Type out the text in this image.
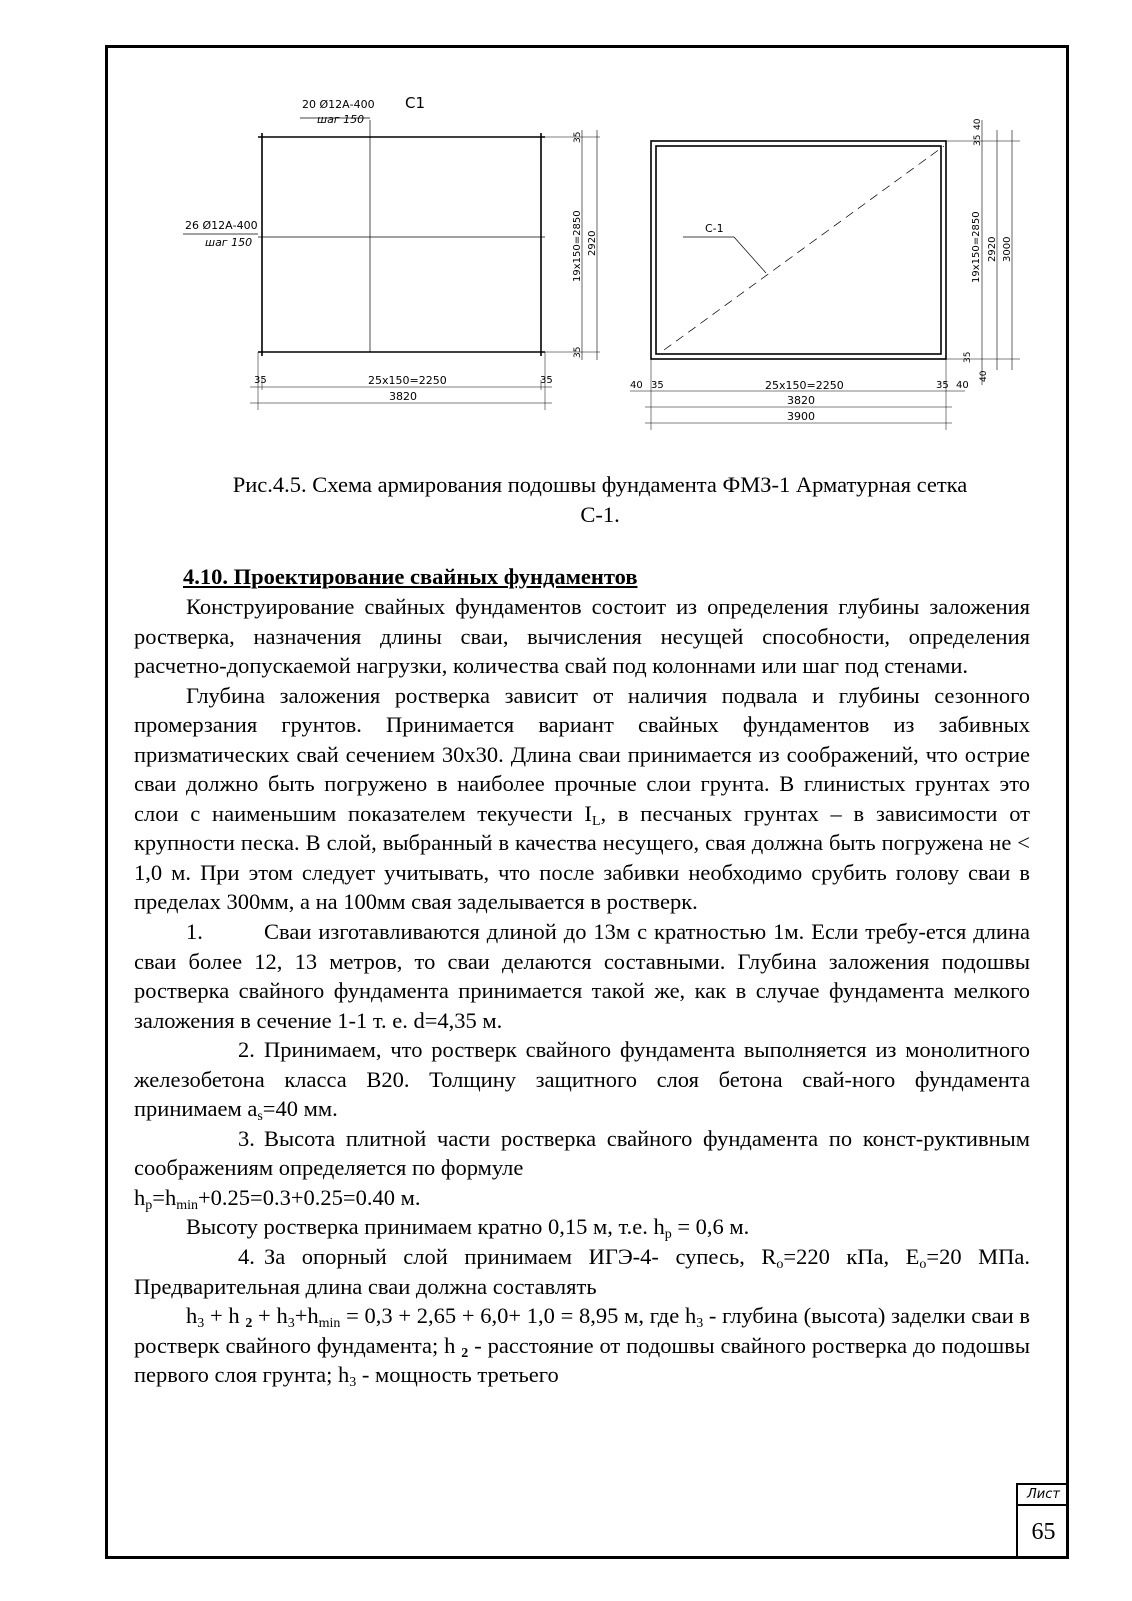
20 Ø12А-400
шаг 150
С1
26 Ø12А-400
шаг 150	19x150=2850 2920
35
35
35	35
25x150=2250
3820
С-1
40
35
19x150=2850 2920 3000
35
40
40 35	25x150=2250	35 40
3820
3900
Рис.4.5. Схема армирования подошвы фундамента ФМЗ-1 Арматурная сетка
С-1.
4.10. Проектирование свайных фундаментов

Конструирование свайных фундаментов состоит из определения глубины заложения ростверка, назначения длины сваи, вычисления несущей способности, определения расчетно-допускаемой нагрузки, количества свай под колоннами или шаг под стенами.

Глубина заложения ростверка зависит от наличия подвала и глубины сезонного промерзания грунтов. Принимается вариант свайных фундаментов из забивных призматических свай сечением 30х30. Длина сваи принимается из соображений, что острие сваи должно быть погружено в наиболее прочные слои грунта. В глинистых грунтах это слои с наименьшим показателем текучести $I_L$, в песчаных грунтах – в зависимости от крупности песка. В слой, выбранный в качества несущего, свая должна быть погружена не < 1,0 м. При этом следует учитывать, что после забивки необходимо срубить голову сваи в пределах 300мм, а на 100мм свая заделывается в ростверк.

1.	Сваи изготавливаются длиной до 13м с кратностью 1м. Если требу-ется длина сваи более 12, 13 метров, то сваи делаются составными. Глубина заложения подошвы ростверка свайного фундамента принимается такой же, как в случае фундамента мелкого заложения в сечение 1-1 т. е. d=4,35 м.

2. Принимаем, что ростверк свайного фундамента выполняется из монолитного железобетона класса В20. Толщину защитного слоя бетона свай-ного фундамента принимаем $a_s=40$ мм.

3. Высота плитной части ростверка свайного фундамента по конст-руктивным соображениям определяется по формуле

$h_p=h_{min}+0.25=0.3+0.25=0.40$ м.

Высоту ростверка принимаем кратно 0,15 м, т.е. $h_p = 0,6$ м.

4. За опорный слой принимаем ИГЭ-4- супесь, $R_o=220$ кПа, $E_o=20$ МПа. Предварительная длина сваи должна составлять

$h_3 + h$ $_2 + h_3+h_{min} = 0,3 + 2,65 + 6,0+ 1,0 = 8,95$ м, где $h_3$ - глубина (высота) заделки сваи в ростверк свайного фундамента; h $_2$ - расстояние от подошвы свайного ростверка до подошвы первого слоя грунта; $h_3$ - мощность третьего

Лист
65
